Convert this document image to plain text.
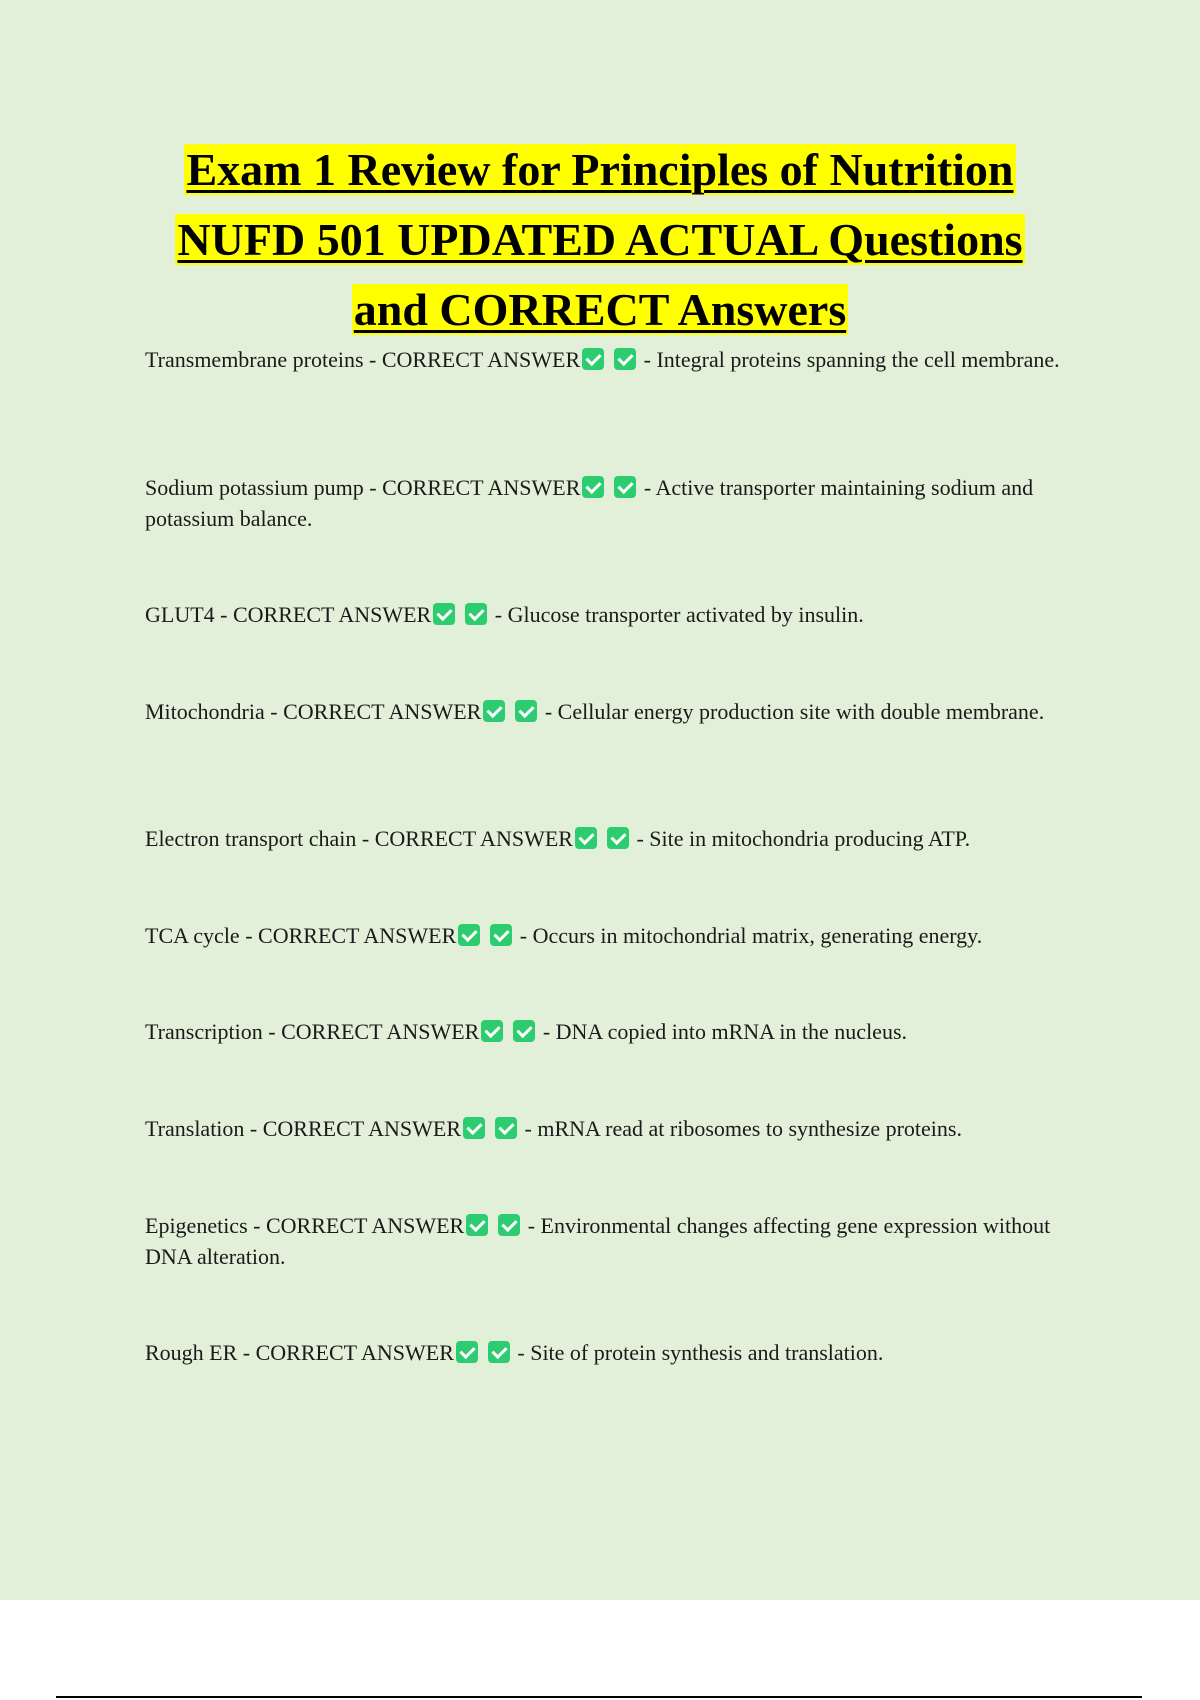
Exam 1 Review for Principles of Nutrition
NUFD 501 UPDATED ACTUAL Questions
and CORRECT Answers

Transmembrane proteins - CORRECT ANSWER	- Integral proteins spanning the cell membrane.

Sodium potassium pump - CORRECT ANSWER	- Active transporter maintaining sodium and potassium balance.

GLUT4 - CORRECT ANSWER	- Glucose transporter activated by insulin.

Mitochondria - CORRECT ANSWER	- Cellular energy production site with double membrane.

Electron transport chain - CORRECT ANSWER	- Site in mitochondria producing ATP.

TCA cycle - CORRECT ANSWER	- Occurs in mitochondrial matrix, generating energy.

Transcription - CORRECT ANSWER	- DNA copied into mRNA in the nucleus.

Translation - CORRECT ANSWER	- mRNA read at ribosomes to synthesize proteins.

Epigenetics - CORRECT ANSWER	- Environmental changes affecting gene expression without DNA alteration.

Rough ER - CORRECT ANSWER	- Site of protein synthesis and translation.
